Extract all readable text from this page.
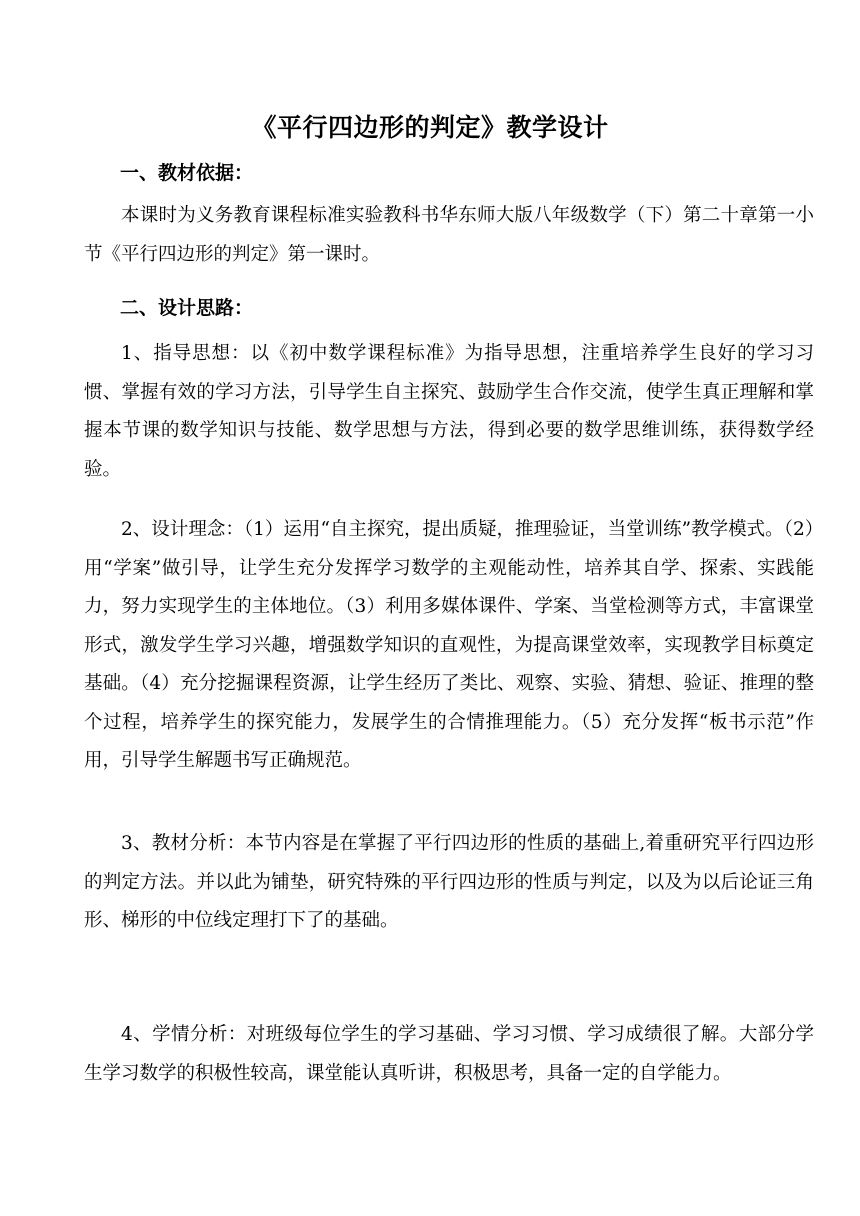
《平行四边形的判定》教学设计
一、教材依据：

本课时为义务教育课程标准实验教科书华东师大版八年级数学（下）第二十章第一小节《平行四边形的判定》第一课时。

二、设计思路：

1、指导思想：以《初中数学课程标准》为指导思想，注重培养学生良好的学习习惯、掌握有效的学习方法，引导学生自主探究、鼓励学生合作交流，使学生真正理解和掌握本节课的数学知识与技能、数学思想与方法，得到必要的数学思维训练，获得数学经验。

2、设计理念：（1）运用“自主探究，提出质疑，推理验证，当堂训练”教学模式。（2）用“学案”做引导，让学生充分发挥学习数学的主观能动性，培养其自学、探索、实践能力，努力实现学生的主体地位。（3）利用多媒体课件、学案、当堂检测等方式，丰富课堂形式，激发学生学习兴趣，增强数学知识的直观性，为提高课堂效率，实现教学目标奠定基础。（4）充分挖掘课程资源，让学生经历了类比、观察、实验、猜想、验证、推理的整个过程，培养学生的探究能力，发展学生的合情推理能力。（5）充分发挥“板书示范”作用，引导学生解题书写正确规范。

3、教材分析：本节内容是在掌握了平行四边形的性质的基础上,着重研究平行四边形的判定方法。并以此为铺垫，研究特殊的平行四边形的性质与判定，以及为以后论证三角形、梯形的中位线定理打下了的基础。

4、学情分析：对班级每位学生的学习基础、学习习惯、学习成绩很了解。大部分学生学习数学的积极性较高，课堂能认真听讲，积极思考，具备一定的自学能力。
